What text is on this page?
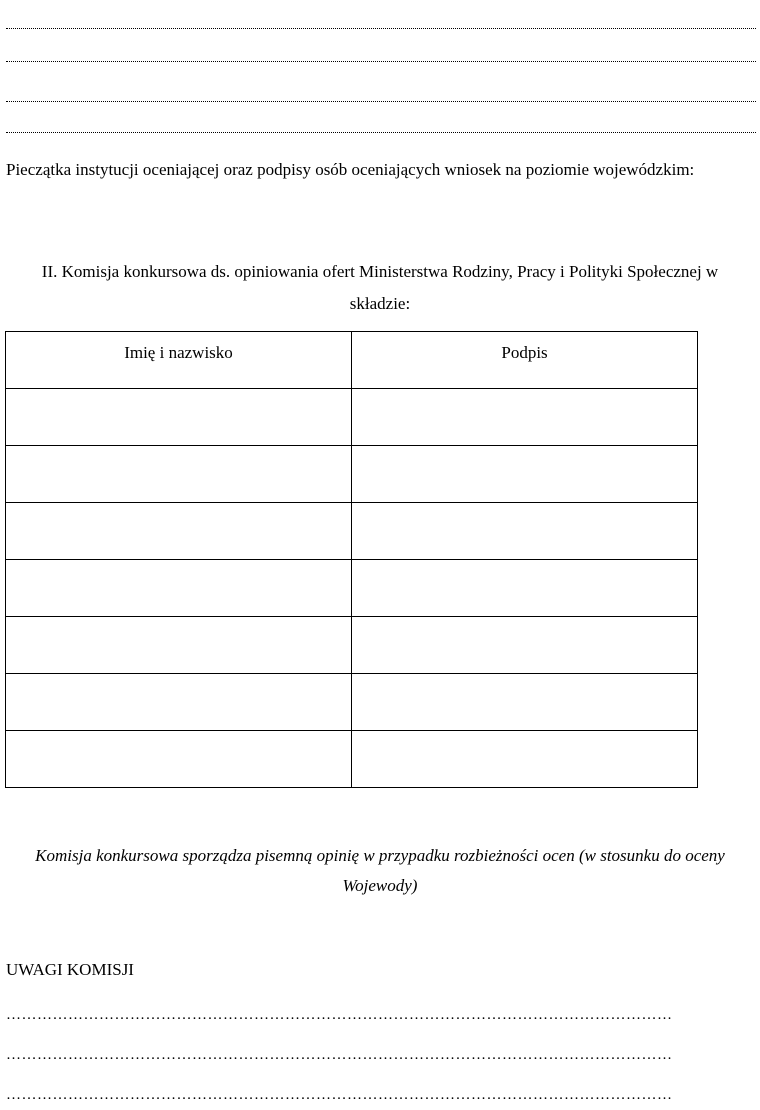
Pieczątka instytucji oceniającej oraz podpisy osób oceniających wniosek na poziomie wojewódzkim:
II. Komisja konkursowa ds. opiniowania ofert Ministerstwa Rodziny, Pracy i Polityki Społecznej w
składzie:
Imię i nazwisko	Podpis

Komisja konkursowa sporządza pisemną opinię w przypadku rozbieżności ocen (w stosunku do oceny
Wojewody)
UWAGI KOMISJI
…………………………………………………………………………………………………………………
…………………………………………………………………………………………………………………
…………………………………………………………………………………………………………………
